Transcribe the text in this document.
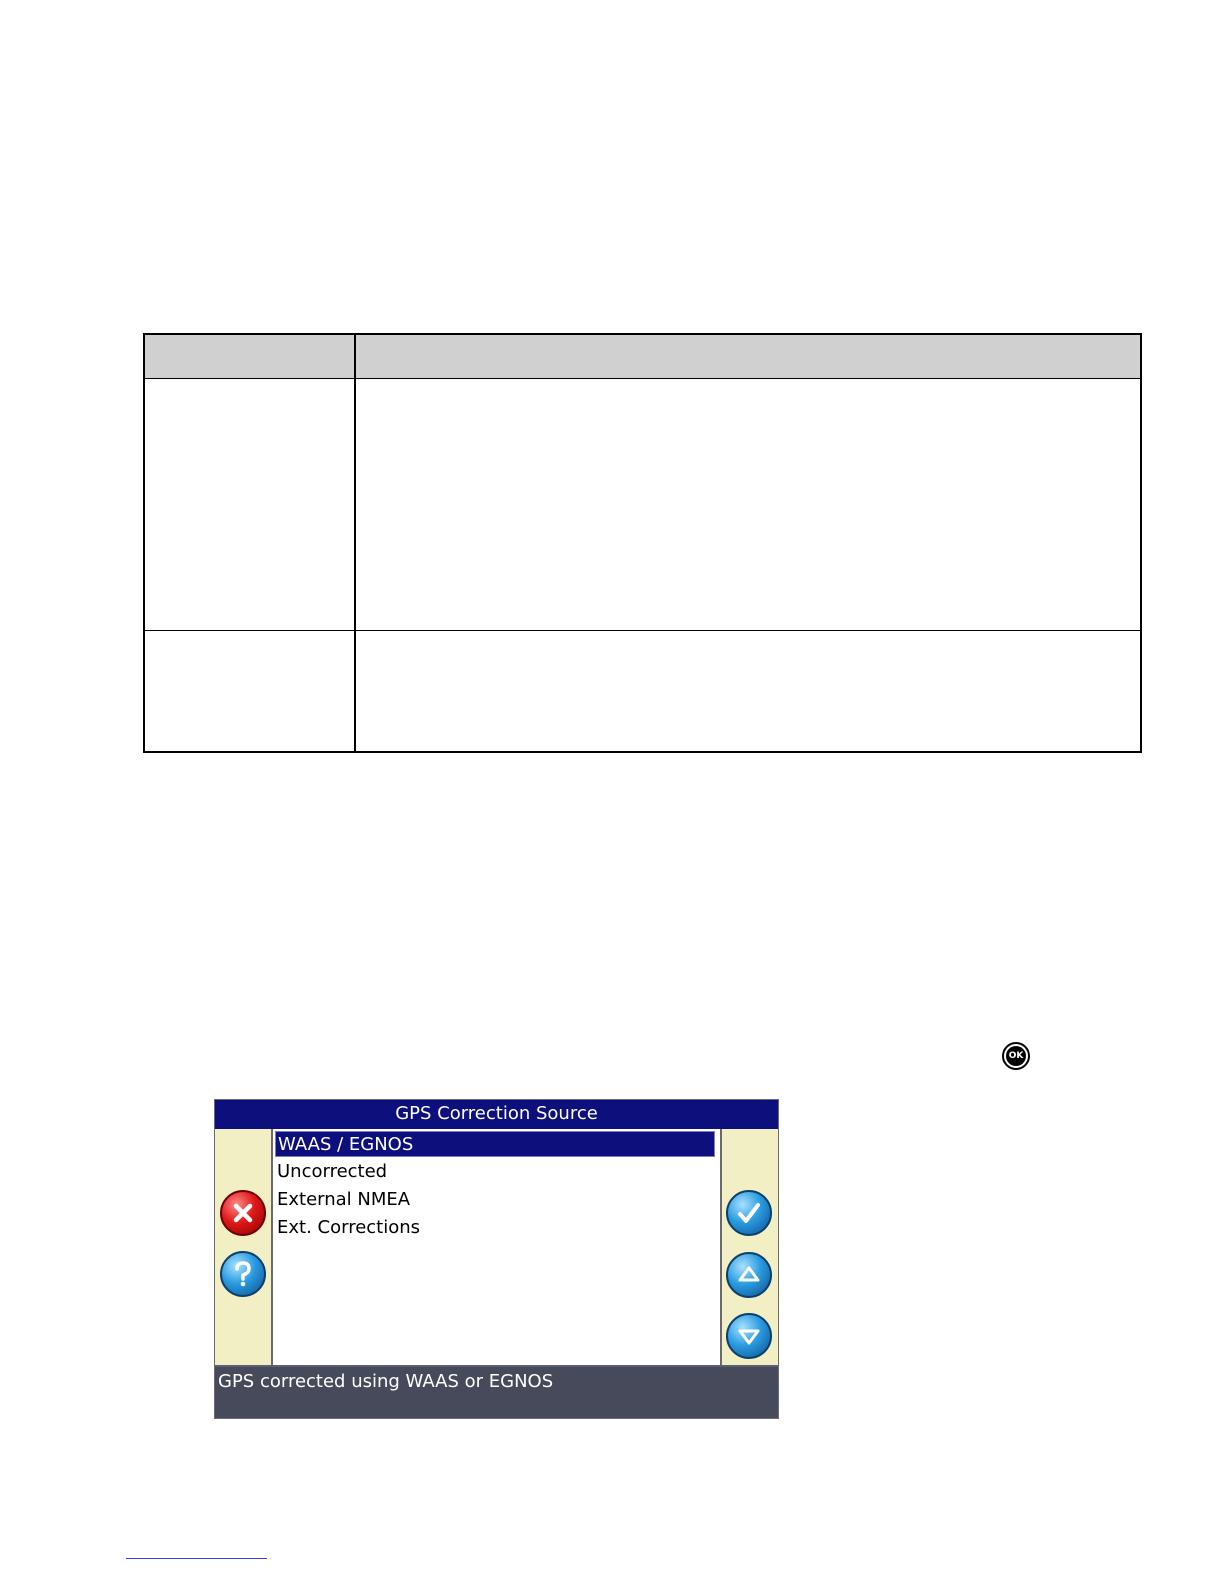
OK
GPS Correction Source
WAAS / EGNOS
Uncorrected
External NMEA
Ext. Corrections
GPS corrected using WAAS or EGNOS
